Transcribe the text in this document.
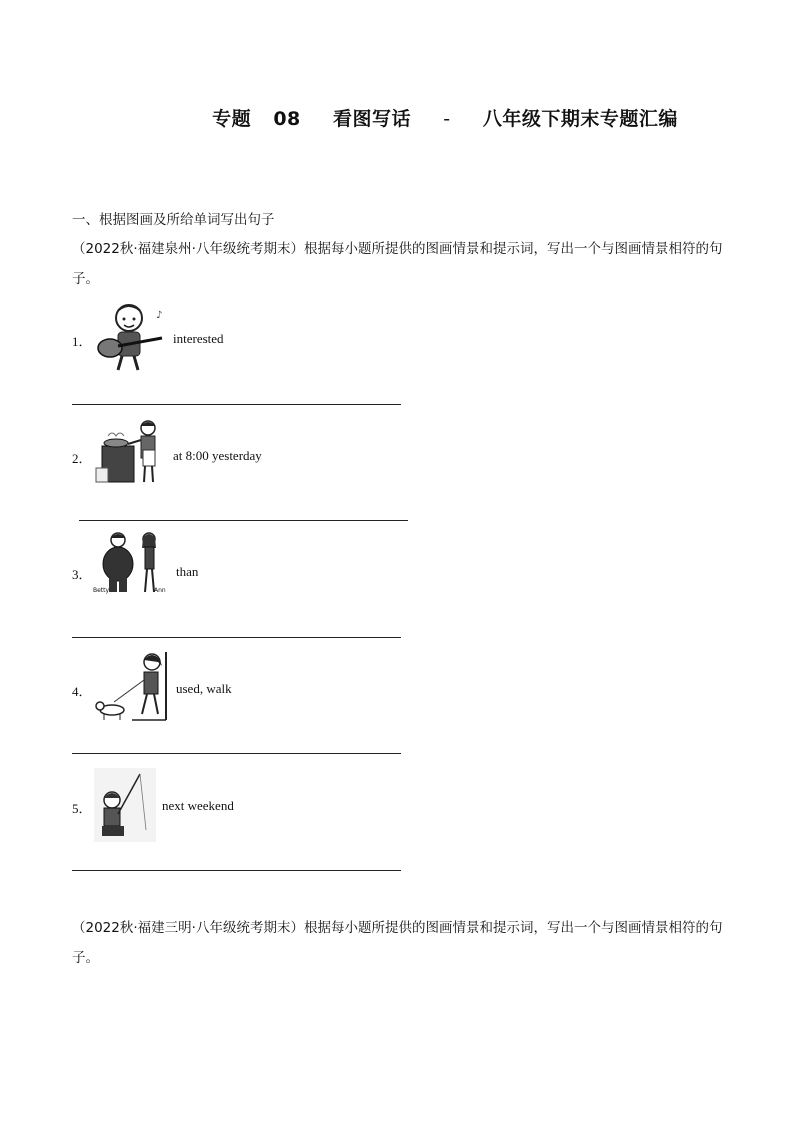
专题 08 看图写话 - 八年级下期末专题汇编
一、根据图画及所给单词写出句子
（2022秋·福建泉州·八年级统考期末）根据每小题所提供的图画情景和提示词，写出一个与图画情景相符的句子。
1．
♪
interested
2．	at 8:00 yesterday
3．
Betty	Ann
than
4．	used, walk
5．	next weekend
（2022秋·福建三明·八年级统考期末）根据每小题所提供的图画情景和提示词，写出一个与图画情景相符的句子。
